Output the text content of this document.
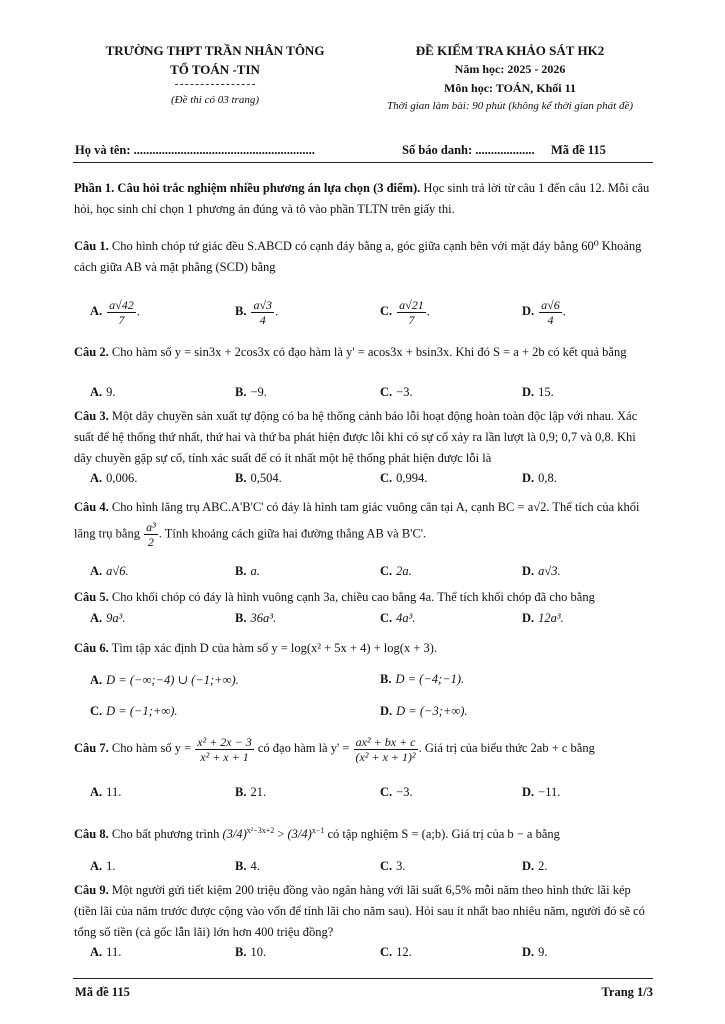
TRƯỜNG THPT TRẦN NHÂN TÔNG
TỔ TOÁN -TIN
(Đề thi có 03 trang)
ĐỀ KIỂM TRA KHẢO SÁT HK2
Năm học: 2025 - 2026
Môn học: TOÁN, Khối 11
Thời gian làm bài: 90 phút (không kể thời gian phát đề)
Họ và tên: ..........................................................	Số báo danh: ................... Mã đề 115
Phần 1. Câu hỏi trắc nghiệm nhiều phương án lựa chọn (3 điểm). Học sinh trả lời từ câu 1 đến câu 12. Mỗi câu hỏi, học sinh chỉ chọn 1 phương án đúng và tô vào phần TLTN trên giấy thi.
Câu 1. Cho hình chóp tứ giác đều S.ABCD có cạnh đáy bằng a, góc giữa cạnh bên với mặt đáy bằng 60⁰ Khoảng cách giữa AB và mặt phẳng (SCD) bằng
A. $\frac{a√42}{7}$ .	B. $\frac{a√3}{4}$ .	C. $\frac{a√21}{7}$ .	D. $\frac{a√6}{4}$ .
Câu 2. Cho hàm số y = sin3x + 2cos3x có đạo hàm là y' = acos3x + bsin3x. Khi đó S = a + 2b có kết quả bằng
A. 9.	B. −9.	C. −3.	D. 15.
Câu 3. Một dây chuyền sản xuất tự động có ba hệ thống cảnh báo lỗi hoạt động hoàn toàn độc lập với nhau. Xác suất để hệ thống thứ nhất, thứ hai và thứ ba phát hiện được lỗi khi có sự cố xảy ra lần lượt là 0,9; 0,7 và 0,8. Khi dây chuyền gặp sự cố, tính xác suất để có ít nhất một hệ thống phát hiện được lỗi là
A. 0,006.	B. 0,504.	C. 0,994.	D. 0,8.
Câu 4. Cho hình lăng trụ ABC.A'B'C' có đáy là hình tam giác vuông cân tại A, cạnh BC = a√2. Thể tích của khối lăng trụ bằng $\frac{\text{a³}}{2}$ . Tính khoảng cách giữa hai đường thẳng AB và B'C'.
A. a√6.	B. a.	C. 2a.	D. a√3.
Câu 5. Cho khối chóp có đáy là hình vuông cạnh 3a, chiều cao bằng 4a. Thể tích khối chóp đã cho bằng
A. 9a³.	B. 36a³.	C. 4a³.	D. 12a³.
Câu 6. Tìm tập xác định D của hàm số y = log(x² + 5x + 4) + log(x + 3).
A. D = (−∞;−4) ∪ (−1;+∞).	B. D = (−4;−1).
C. D = (−1;+∞).	D. D = (−3;+∞).
Câu 7. Cho hàm số $y = \frac{\text{x² + 2x − 3}}{\text{x² + x + 1}}$ có đạo hàm là $y' = \frac{\text{ax² + bx + c}}{\text{(x² + x + 1)²}}$ . Giá trị của biểu thức 2ab + c bằng
A. 11.	B. 21.	C. −3.	D. −11.
Câu 8. Cho bất phương trình $(3/4)^{x^2-3x+2} > (3/4)^{x-1}$ có tập nghiệm S = (a;b). Giá trị của b − a bằng
A. 1.	B. 4.	C. 3.	D. 2.
Câu 9. Một người gửi tiết kiệm 200 triệu đồng vào ngân hàng với lãi suất 6,5% mỗi năm theo hình thức lãi kép (tiền lãi của năm trước được cộng vào vốn để tính lãi cho năm sau). Hỏi sau ít nhất bao nhiêu năm, người đó sẽ có tổng số tiền (cả gốc lẫn lãi) lớn hơn 400 triệu đồng?
A. 11.	B. 10.	C. 12.	D. 9.
Mã đề 115	Trang 1/3
